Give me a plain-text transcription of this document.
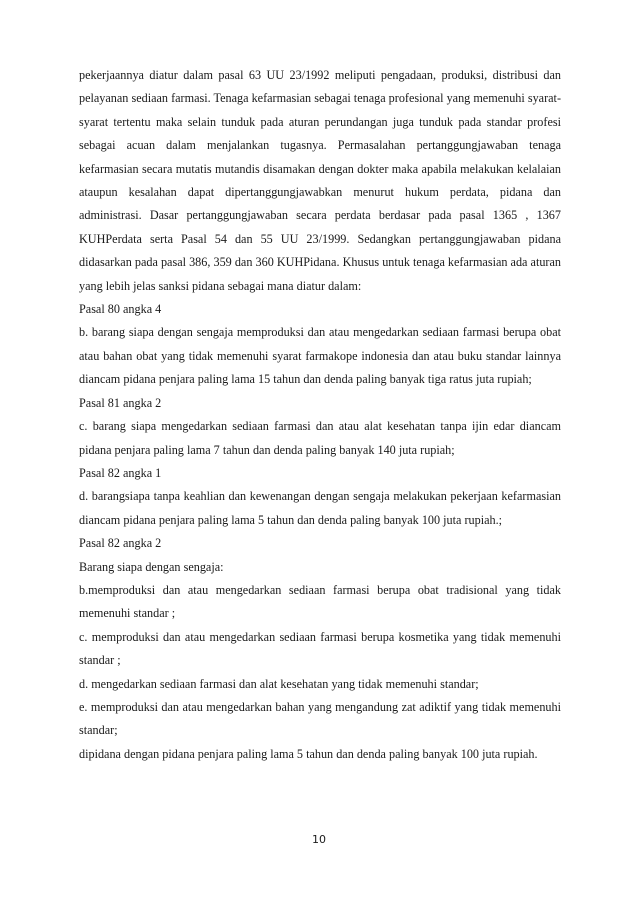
pekerjaannya diatur dalam pasal 63 UU 23/1992 meliputi pengadaan, produksi, distribusi dan pelayanan sediaan farmasi. Tenaga kefarmasian sebagai tenaga profesional yang memenuhi syarat-syarat tertentu maka selain tunduk pada aturan perundangan juga tunduk pada standar profesi sebagai acuan dalam menjalankan tugasnya. Permasalahan pertanggungjawaban tenaga kefarmasian secara mutatis mutandis disamakan dengan dokter maka apabila melakukan kelalaian ataupun kesalahan dapat dipertanggungjawabkan menurut hukum perdata, pidana dan administrasi. Dasar pertanggungjawaban secara perdata berdasar pada pasal 1365 , 1367 KUHPerdata serta Pasal 54 dan 55 UU 23/1999. Sedangkan pertanggungjawaban pidana didasarkan pada pasal 386, 359 dan 360 KUHPidana. Khusus untuk tenaga kefarmasian ada aturan yang lebih jelas sanksi pidana sebagai mana diatur dalam:

Pasal 80 angka 4

b. barang siapa dengan sengaja memproduksi dan atau mengedarkan sediaan farmasi berupa obat atau bahan obat yang tidak memenuhi syarat farmakope indonesia dan atau buku standar lainnya diancam pidana penjara paling lama 15 tahun dan denda paling banyak tiga ratus juta rupiah;

Pasal 81 angka 2

c. barang siapa mengedarkan sediaan farmasi dan atau alat kesehatan tanpa ijin edar diancam pidana penjara paling lama 7 tahun dan denda paling banyak 140 juta rupiah;

Pasal 82 angka 1

d. barangsiapa tanpa keahlian dan kewenangan dengan sengaja melakukan pekerjaan kefarmasian diancam pidana penjara paling lama 5 tahun dan denda paling banyak 100 juta rupiah.;

Pasal 82 angka 2

Barang siapa dengan sengaja:

b.memproduksi dan atau mengedarkan sediaan farmasi berupa obat tradisional yang tidak memenuhi standar ;

c. memproduksi dan atau mengedarkan sediaan farmasi berupa kosmetika yang tidak memenuhi standar ;

d. mengedarkan sediaan farmasi dan alat kesehatan yang tidak memenuhi standar;

e. memproduksi dan atau mengedarkan bahan yang mengandung zat adiktif yang tidak memenuhi standar;

dipidana dengan pidana penjara paling lama 5 tahun dan denda paling banyak 100 juta rupiah.

10
